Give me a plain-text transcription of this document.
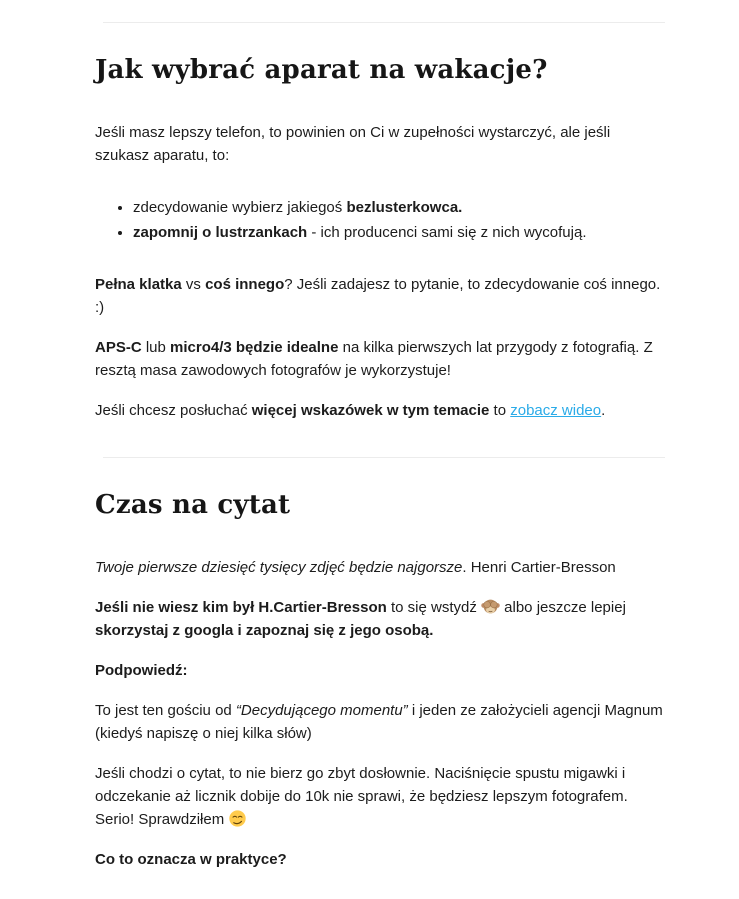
Jak wybrać aparat na wakacje?

Jeśli masz lepszy telefon, to powinien on Ci w zupełności wystarczyć, ale jeśli szukasz aparatu, to:

• zdecydowanie wybierz jakiegoś bezlusterkowca.
• zapomnij o lustrzankach - ich producenci sami się z nich wycofują.

Pełna klatka vs coś innego? Jeśli zadajesz to pytanie, to zdecydowanie coś innego. :)

APS-C lub micro4/3 będzie idealne na kilka pierwszych lat przygody z fotografią. Z resztą masa zawodowych fotografów je wykorzystuje!

Jeśli chcesz posłuchać więcej wskazówek w tym temacie to zobacz wideo.

Czas na cytat

Twoje pierwsze dziesięć tysięcy zdjęć będzie najgorsze. Henri Cartier-Bresson

Jeśli nie wiesz kim był H.Cartier-Bresson to się wstydź
albo jeszcze lepiej skorzystaj z googla i zapoznaj się z jego osobą.

Podpowiedź:

To jest ten gościu od “Decydującego momentu” i jeden ze założycieli agencji Magnum (kiedyś napiszę o niej kilka słów)

Jeśli chodzi o cytat, to nie bierz go zbyt dosłownie. Naciśnięcie spustu migawki i odczekanie aż licznik dobije do 10k nie sprawi, że będziesz lepszym fotografem. Serio! Sprawdziłem

Co to oznacza w praktyce?
